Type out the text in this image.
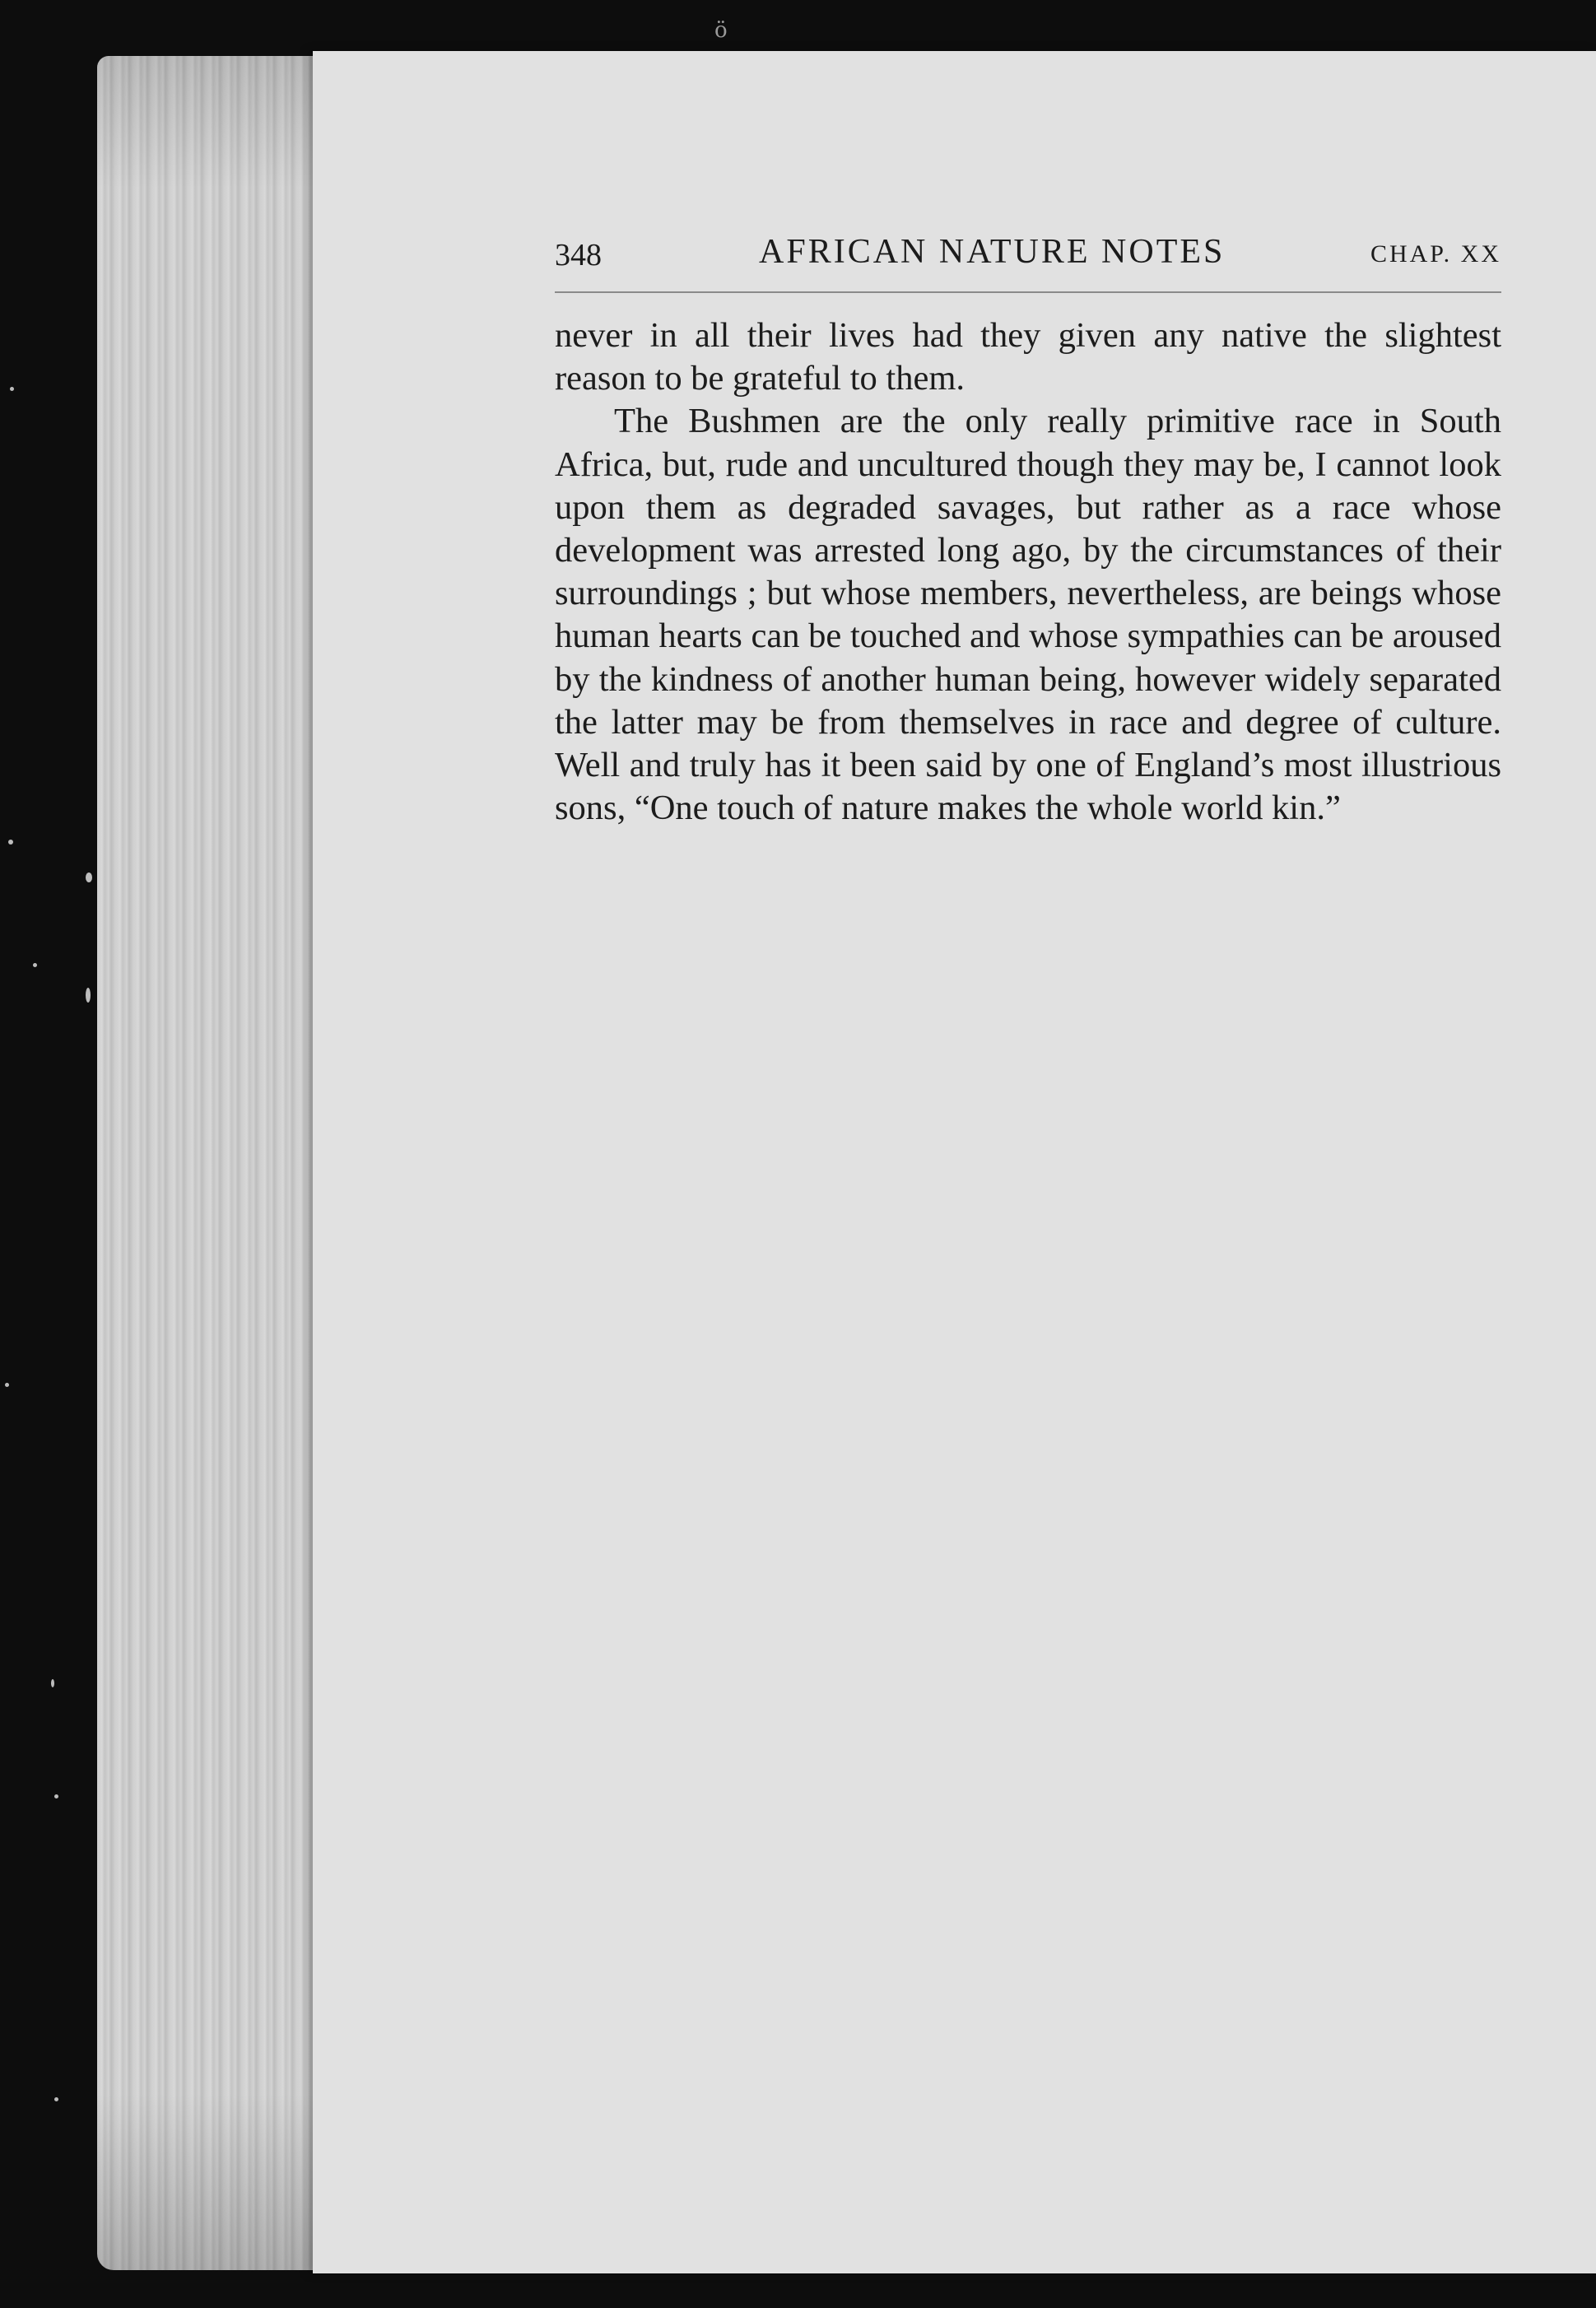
ö
348	AFRICAN NATURE NOTES	CHAP. XX

never in all their lives had they given any native the slightest reason to be grateful to them.

The Bushmen are the only really primitive race in South Africa, but, rude and uncultured though they may be, I cannot look upon them as degraded savages, but rather as a race whose development was arrested long ago, by the circumstances of their surroundings ; but whose members, nevertheless, are beings whose human hearts can be touched and whose sympathies can be aroused by the kindness of another human being, however widely separated the latter may be from themselves in race and degree of culture. Well and truly has it been said by one of England’s most illustrious sons, “One touch of nature makes the whole world kin.”
